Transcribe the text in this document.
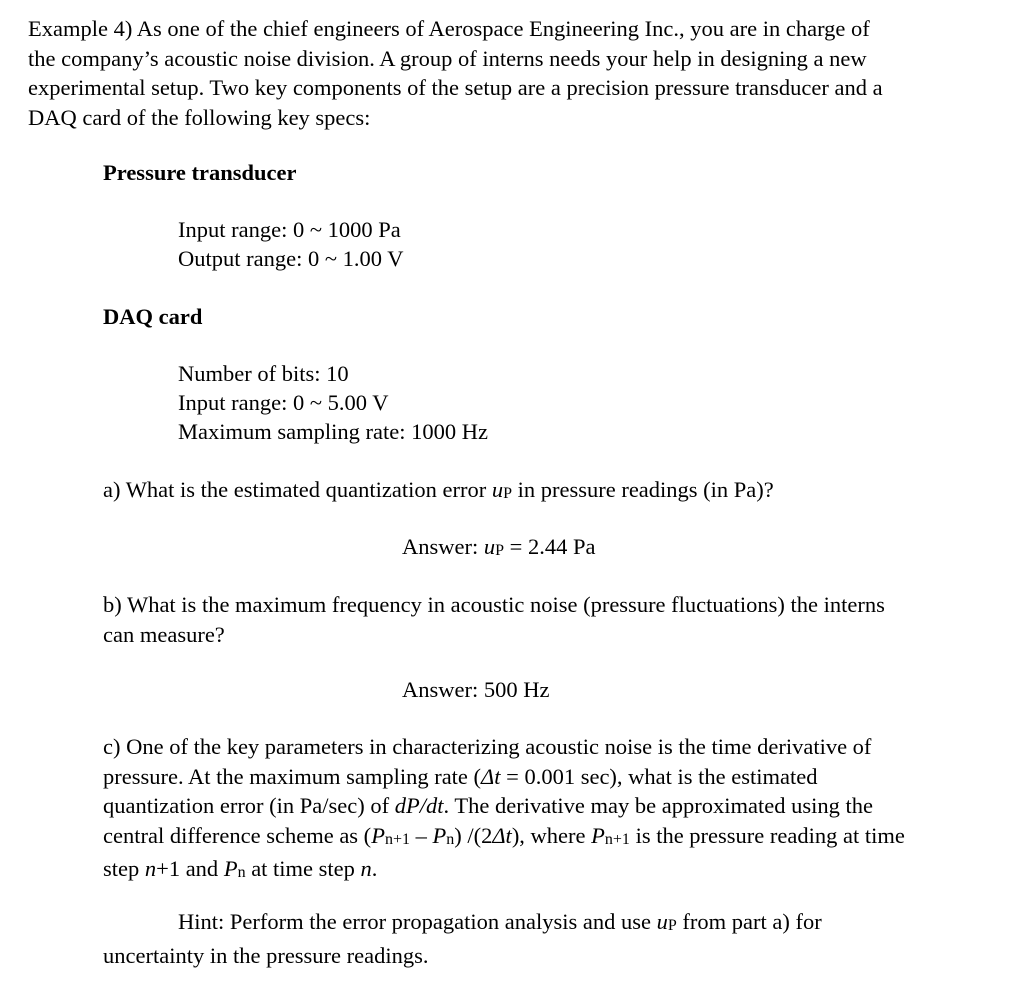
Example 4) As one of the chief engineers of Aerospace Engineering Inc., you are in charge of
the company’s acoustic noise division. A group of interns needs your help in designing a new
experimental setup. Two key components of the setup are a precision pressure transducer and a
DAQ card of the following key specs:
Pressure transducer
Input range: 0 ~ 1000 Pa
Output range: 0 ~ 1.00 V
DAQ card
Number of bits: 10
Input range: 0 ~ 5.00 V
Maximum sampling rate: 1000 Hz
a) What is the estimated quantization error uP in pressure readings (in Pa)?
Answer: uP = 2.44 Pa
b) What is the maximum frequency in acoustic noise (pressure fluctuations) the interns
can measure?
Answer: 500 Hz
c) One of the key parameters in characterizing acoustic noise is the time derivative of
pressure. At the maximum sampling rate (Δt = 0.001 sec), what is the estimated
quantization error (in Pa/sec) of dP/dt. The derivative may be approximated using the
central difference scheme as (Pn+1 – Pn) /(2Δt), where Pn+1 is the pressure reading at time
step n+1 and Pn at time step n.
Hint: Perform the error propagation analysis and use uP from part a) for
uncertainty in the pressure readings.
